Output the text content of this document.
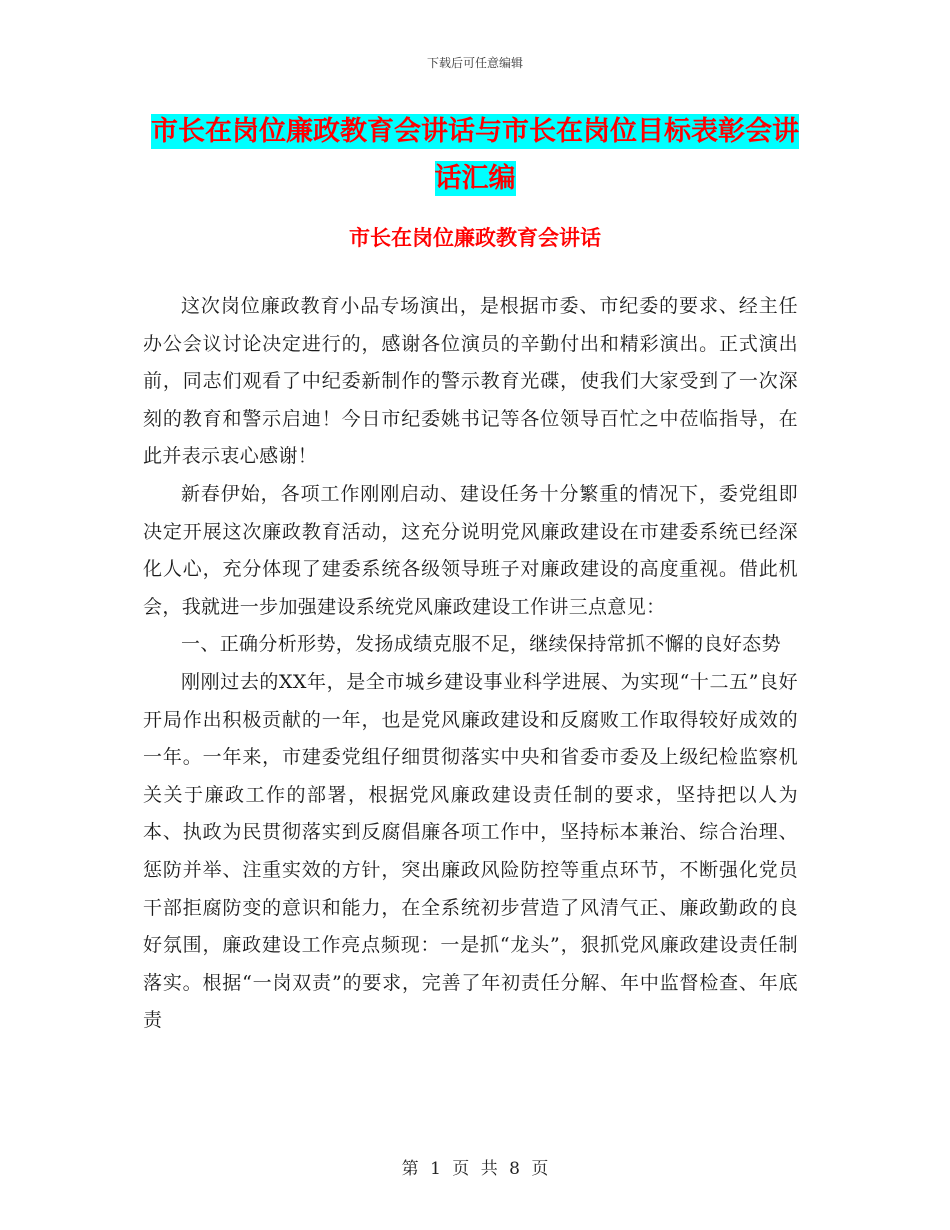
下载后可任意编辑
市长在岗位廉政教育会讲话与市长在岗位目标表彰会讲话汇编
市长在岗位廉政教育会讲话

这次岗位廉政教育小品专场演出，是根据市委、市纪委的要求、经主任办公会议讨论决定进行的，感谢各位演员的辛勤付出和精彩演出。正式演出前，同志们观看了中纪委新制作的警示教育光碟，使我们大家受到了一次深刻的教育和警示启迪！今日市纪委姚书记等各位领导百忙之中莅临指导，在此并表示衷心感谢！

新春伊始，各项工作刚刚启动、建设任务十分繁重的情况下，委党组即决定开展这次廉政教育活动，这充分说明党风廉政建设在市建委系统已经深化人心，充分体现了建委系统各级领导班子对廉政建设的高度重视。借此机会，我就进一步加强建设系统党风廉政建设工作讲三点意见：

一、正确分析形势，发扬成绩克服不足，继续保持常抓不懈的良好态势

刚刚过去的XX年，是全市城乡建设事业科学进展、为实现“十二五”良好开局作出积极贡献的一年，也是党风廉政建设和反腐败工作取得较好成效的一年。一年来，市建委党组仔细贯彻落实中央和省委市委及上级纪检监察机关关于廉政工作的部署，根据党风廉政建设责任制的要求，坚持把以人为本、执政为民贯彻落实到反腐倡廉各项工作中，坚持标本兼治、综合治理、惩防并举、注重实效的方针，突出廉政风险防控等重点环节，不断强化党员干部拒腐防变的意识和能力，在全系统初步营造了风清气正、廉政勤政的良好氛围，廉政建设工作亮点频现：一是抓“龙头”，狠抓党风廉政建设责任制落实。根据“一岗双责”的要求，完善了年初责任分解、年中监督检查、年底责

第 1 页 共 8 页
